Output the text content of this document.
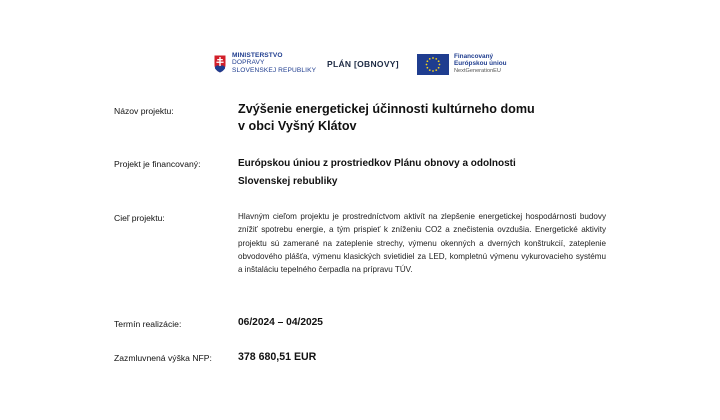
MINISTERSTVO
DOPRAVY
SLOVENSKEJ REPUBLIKY
PLÁN [OBNOVY]
Financovaný
Európskou úniou
NextGenerationEU
Názov projektu:	Zvýšenie energetickej účinnosti kultúrneho domu
v obci Vyšný Klátov
Projekt je financovaný:	Európskou úniou z prostriedkov Plánu obnovy a odolnosti
Slovenskej rebubliky
Cieľ projektu:	Hlavným cieľom projektu je prostredníctvom aktivít na zlepšenie energetickej hospodárnosti budovy znížiť spotrebu energie, a tým prispieť k zníženiu CO2 a znečistenia ovzdušia. Energetické aktivity projektu sú zamerané na zateplenie strechy, výmenu okenných a dverných konštrukcií, zateplenie obvodového plášťa, výmenu klasických svietidiel za LED, kompletnú výmenu vykurovacieho systému a inštaláciu tepelného čerpadla na prípravu TÚV.
Termín realizácie:	06/2024 – 04/2025
Zazmluvnená výška NFP: 378 680,51 EUR
